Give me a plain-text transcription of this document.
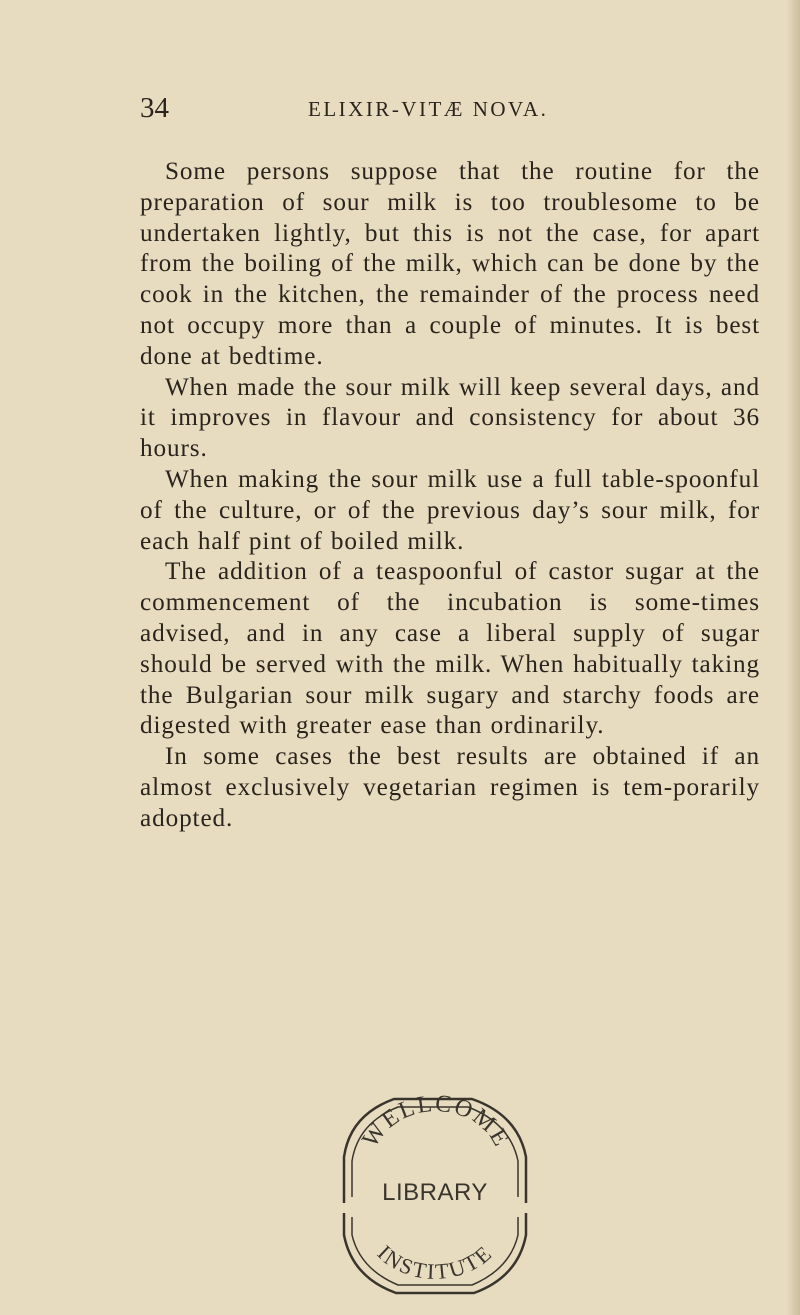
34	ELIXIR-VITÆ NOVA.

Some persons suppose that the routine for the preparation of sour milk is too troublesome to be undertaken lightly, but this is not the case, for apart from the boiling of the milk, which can be done by the cook in the kitchen, the remainder of the process need not occupy more than a couple of minutes. It is best done at bedtime.

When made the sour milk will keep several days, and it improves in flavour and consistency for about 36 hours.

When making the sour milk use a full table-spoonful of the culture, or of the previous day’s sour milk, for each half pint of boiled milk.

The addition of a teaspoonful of castor sugar at the commencement of the incubation is some-times advised, and in any case a liberal supply of sugar should be served with the milk. When habitually taking the Bulgarian sour milk sugary and starchy foods are digested with greater ease than ordinarily.

In some cases the best results are obtained if an almost exclusively vegetarian regimen is tem-porarily adopted.

WELLCOME
INSTITUTE
LIBRARY
